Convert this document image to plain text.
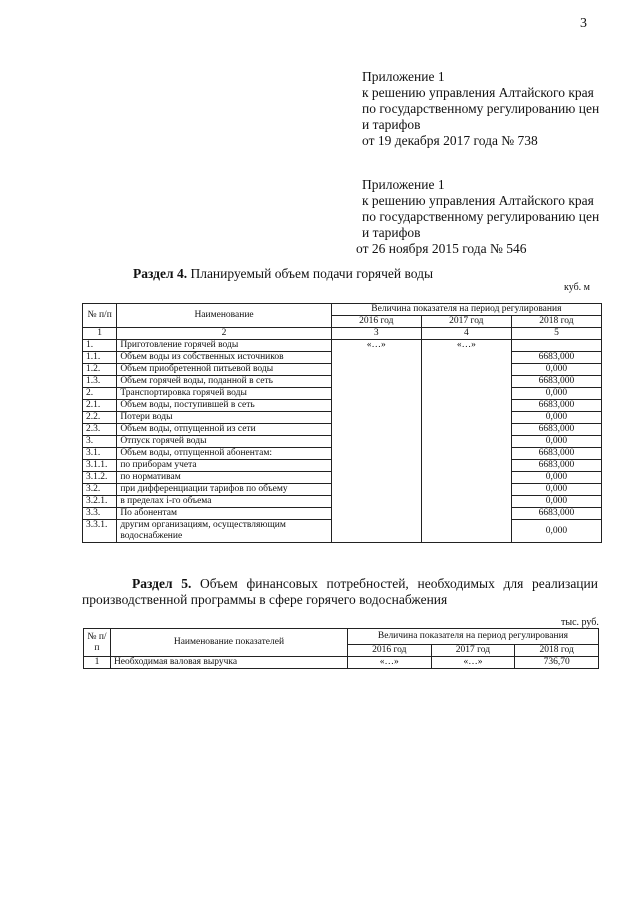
3
Приложение 1
к решению управления Алтайского края
по государственному регулированию цен
и тарифов
от 19 декабря 2017 года № 738
Приложение 1
к решению управления Алтайского края
по государственному регулированию цен
и тарифов
от 26 ноября 2015 года № 546
Раздел 4. Планируемый объем подачи горячей воды
куб. м
№ п/п	Наименование	Величина показателя на период регулирования		
		2016 год	2017 год	2018 год
1	2	3	4	5
1.	Приготовление горячей воды	«…»	«…»	
1.1.	Объем воды из собственных источников			6683,000
1.2.	Объем приобретенной питьевой воды			0,000
1.3.	Объем горячей воды, поданной в сеть			6683,000
2.	Транспортировка горячей воды			0,000
2.1.	Объем воды, поступившей в сеть			6683,000
2.2.	Потери воды			0,000
2.3.	Объем воды, отпущенной из сети			6683,000
3.	Отпуск горячей воды			0,000
3.1.	Объем воды, отпущенной абонентам:			6683,000
3.1.1.	по приборам учета			6683,000
3.1.2.	по нормативам			0,000
3.2.	при дифференциации тарифов по объему			0,000
3.2.1.	в пределах i-го объема			0,000
3.3.	По абонентам			6683,000
3.3.1.	другим организациям, осуществляющим водоснабжение			0,000
Раздел 5. Объем финансовых потребностей, необходимых для реализации производственной программы в сфере горячего водоснабжения
тыс. руб.
№ п/п	Наименование показателей	Величина показателя на период регулирования		
		2016 год	2017 год	2018 год
1	Необходимая валовая выручка	«…»	«…»	736,70
